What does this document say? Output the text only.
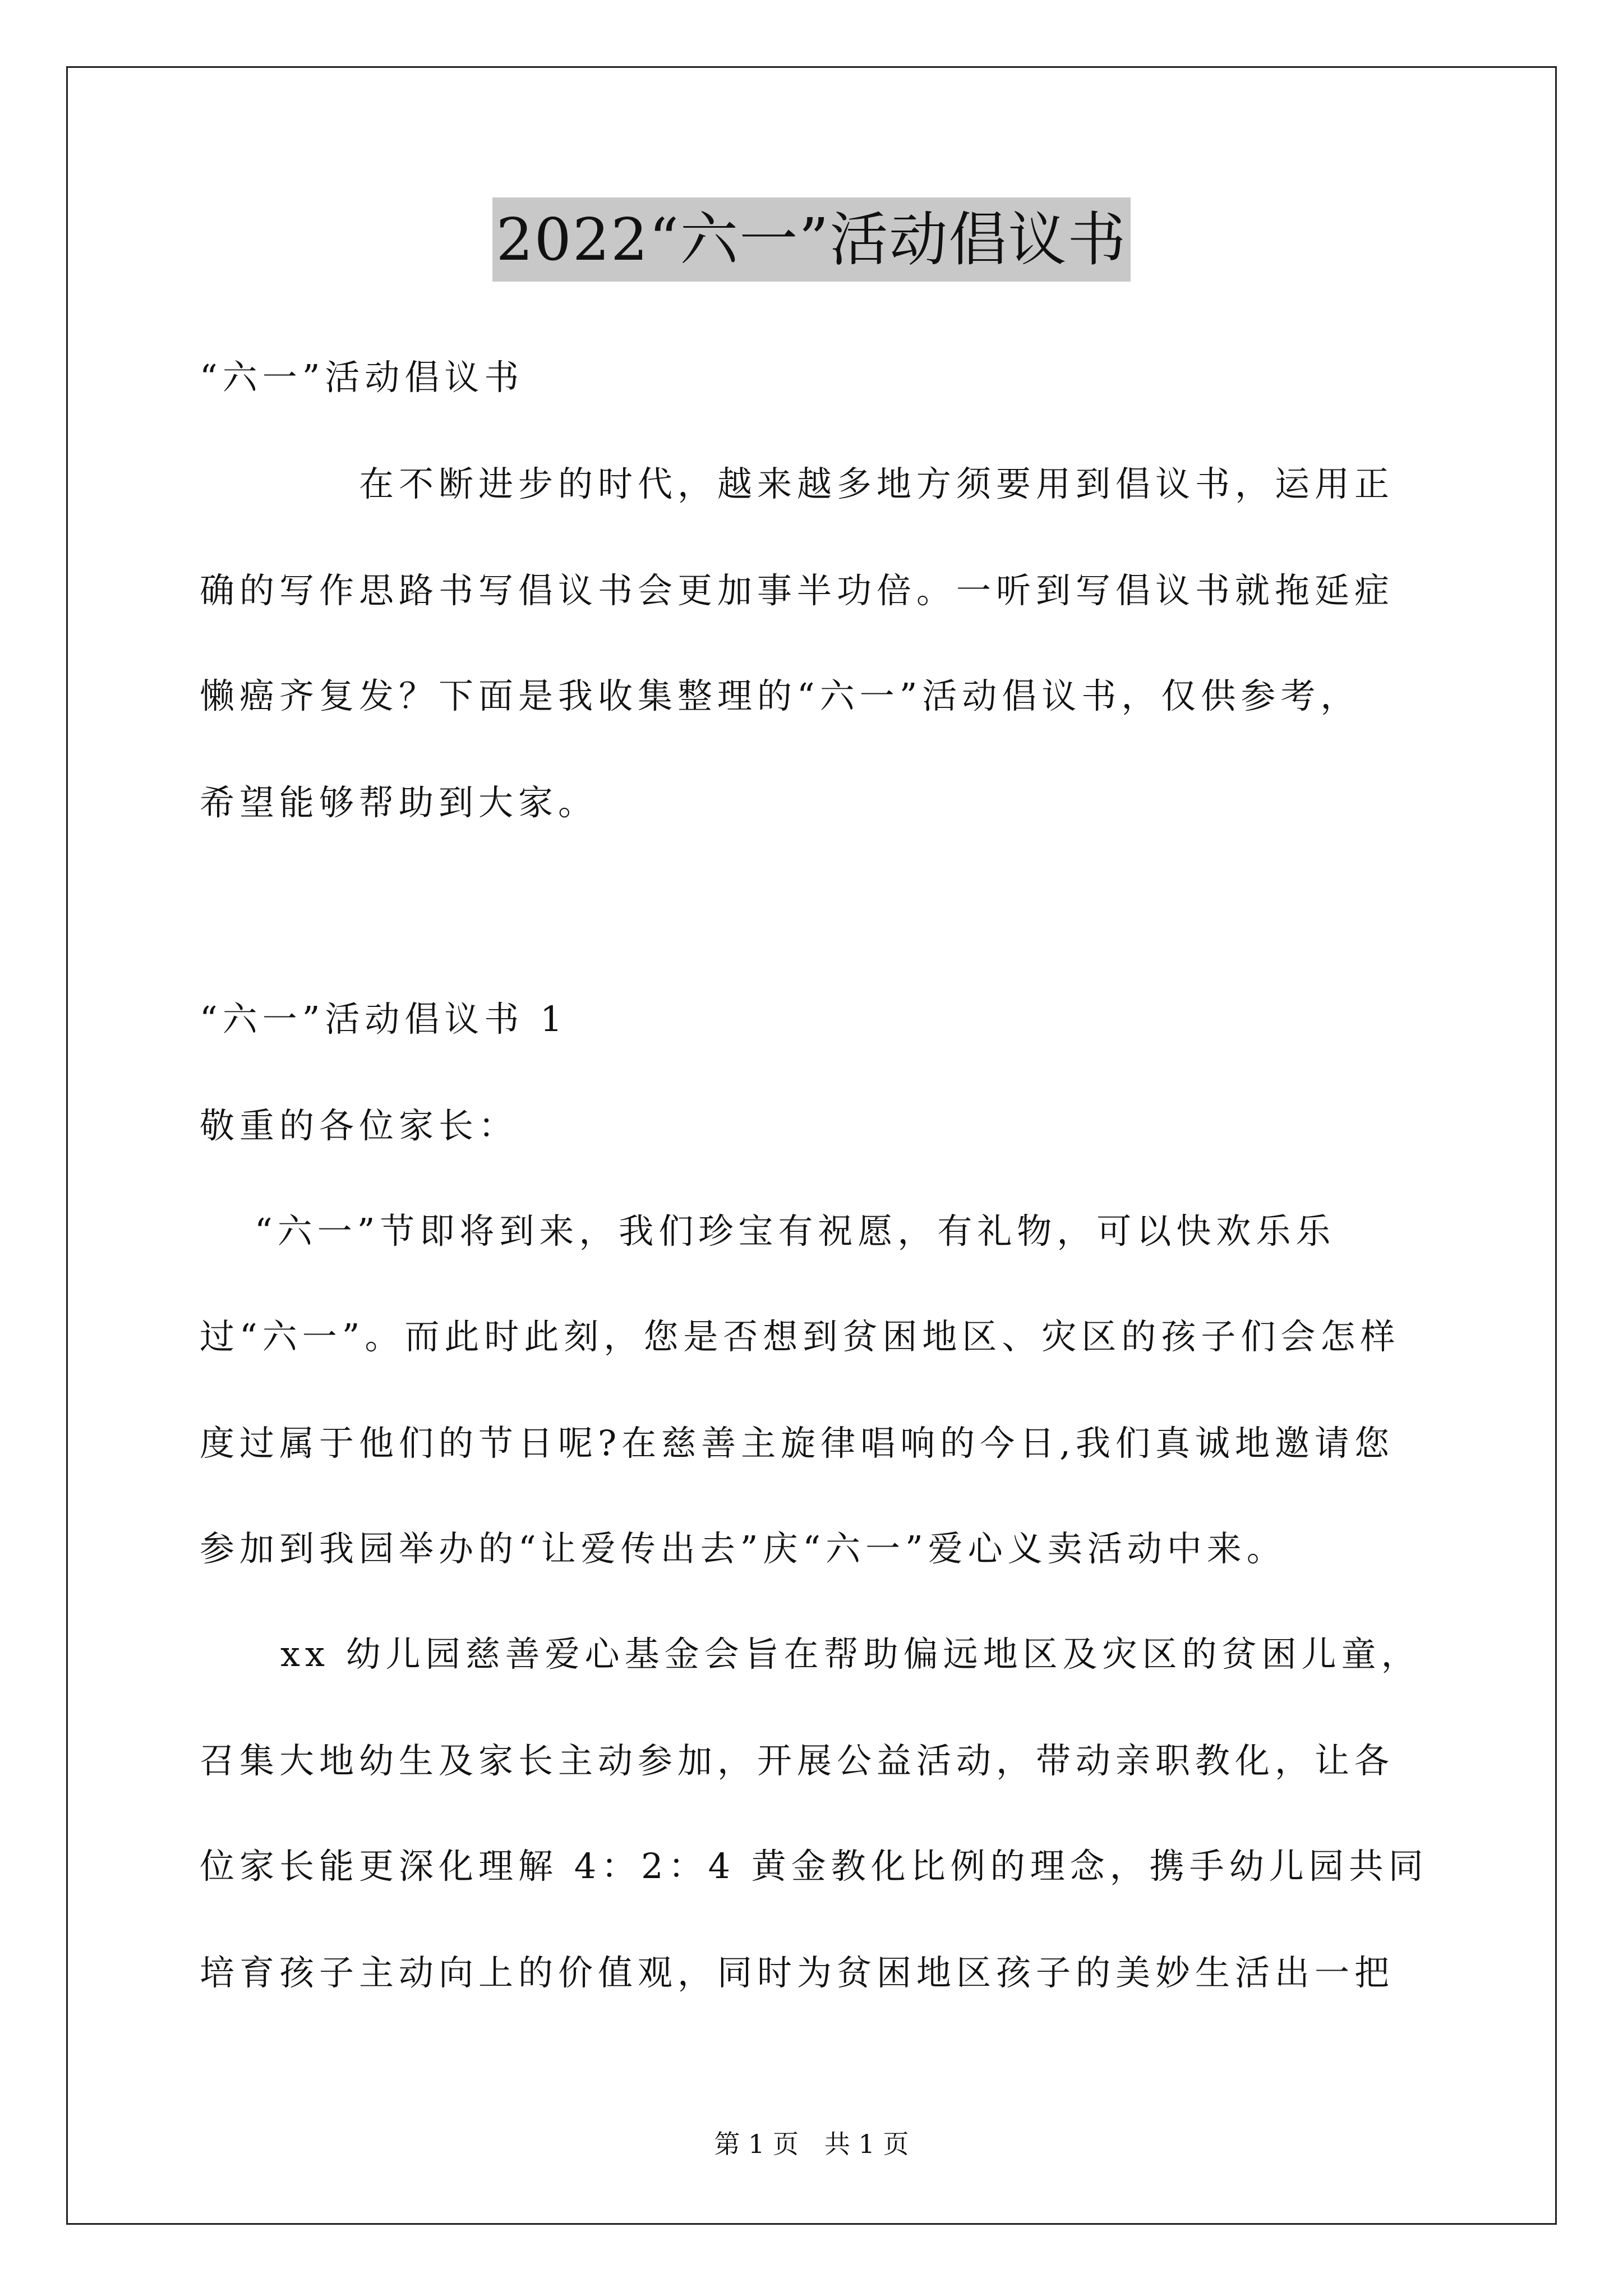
2022“六一”活动倡议书
“六一”活动倡议书
在不断进步的时代，越来越多地方须要用到倡议书，运用正
确的写作思路书写倡议书会更加事半功倍。一听到写倡议书就拖延症
懒癌齐复发？下面是我收集整理的“六一”活动倡议书，仅供参考，
希望能够帮助到大家。
“六一”活动倡议书 1
敬重的各位家长：
“六一”节即将到来，我们珍宝有祝愿，有礼物，可以快欢乐乐
过“六一”。而此时此刻，您是否想到贫困地区、灾区的孩子们会怎样
度过属于他们的节日呢?在慈善主旋律唱响的今日,我们真诚地邀请您
参加到我园举办的“让爱传出去”庆“六一”爱心义卖活动中来。
xx 幼儿园慈善爱心基金会旨在帮助偏远地区及灾区的贫困儿童，
召集大地幼生及家长主动参加，开展公益活动，带动亲职教化，让各
位家长能更深化理解 4：2：4 黄金教化比例的理念，携手幼儿园共同
培育孩子主动向上的价值观，同时为贫困地区孩子的美妙生活出一把
第 1 页　共 1 页
